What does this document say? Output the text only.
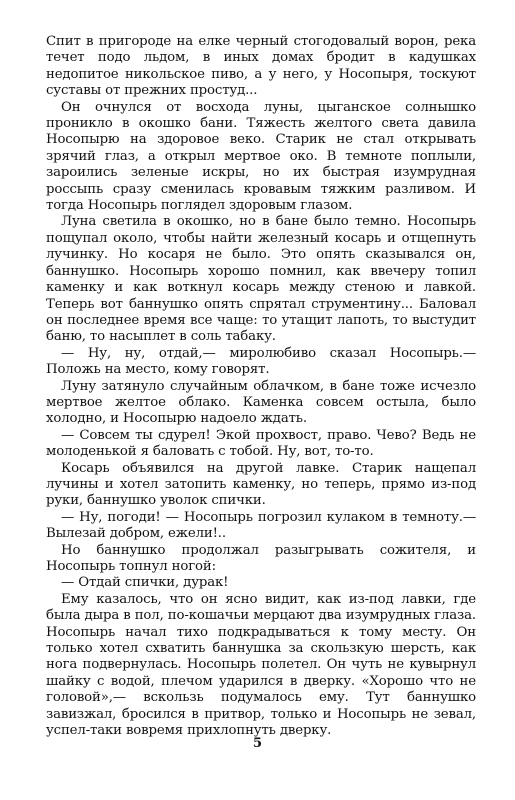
Спит в пригороде на елке черный стогодовалый ворон, река течет подо льдом, в иных домах бродит в кадушках недопитое никольское пиво, а у него, у Носопыря, тоскуют суставы от прежних простуд...

Он очнулся от восхода луны, цыганское солнышко проникло в окошко бани. Тяжесть желтого света давила Носопырю на здоровое веко. Старик не стал открывать зрячий глаз, а открыл мертвое око. В темноте поплыли, зароились зеленые искры, но их быстрая изумрудная россыпь сразу сменилась кровавым тяжким разливом. И тогда Носопырь поглядел здоровым глазом.

Луна светила в окошко, но в бане было темно. Носопырь пощупал около, чтобы найти железный косарь и отщепнуть лучинку. Но косаря не было. Это опять сказывался он, баннушко. Носопырь хорошо помнил, как ввечеру топил каменку и как воткнул косарь между стеною и лавкой. Теперь вот баннушко опять спрятал струментину... Баловал он последнее время все чаще: то утащит лапоть, то выстудит баню, то насыплет в соль табаку.

— Ну, ну, отдай,— миролюбиво сказал Носопырь.— Положь на место, кому говорят.

Луну затянуло случайным облачком, в бане тоже исчезло мертвое желтое облако. Каменка совсем остыла, было холодно, и Носопырю надоело ждать.

— Совсем ты сдурел! Экой прохвост, право. Чево? Ведь не молоденькой я баловать с тобой. Ну, вот, то-то.

Косарь объявился на другой лавке. Старик нащепал лучины и хотел затопить каменку, но теперь, прямо из-под руки, баннушко уволок спички.

— Ну, погоди! — Носопырь погрозил кулаком в темноту.— Вылезай добром, ежели!..

Но баннушко продолжал разыгрывать сожителя, и Носопырь топнул ногой:

— Отдай спички, дурак!

Ему казалось, что он ясно видит, как из-под лавки, где была дыра в пол, по-кошачьи мерцают два изумрудных глаза. Носопырь начал тихо подкрадываться к тому месту. Он только хотел схватить баннушка за скользкую шерсть, как нога подвернулась. Носопырь полетел. Он чуть не кувырнул шайку с водой, плечом ударился в дверку. «Хорошо что не головой»,— вскользь подумалось ему. Тут баннушко завизжал, бросился в притвор, только и Носопырь не зевал, успел-таки вовремя прихлопнуть дверку.

5
